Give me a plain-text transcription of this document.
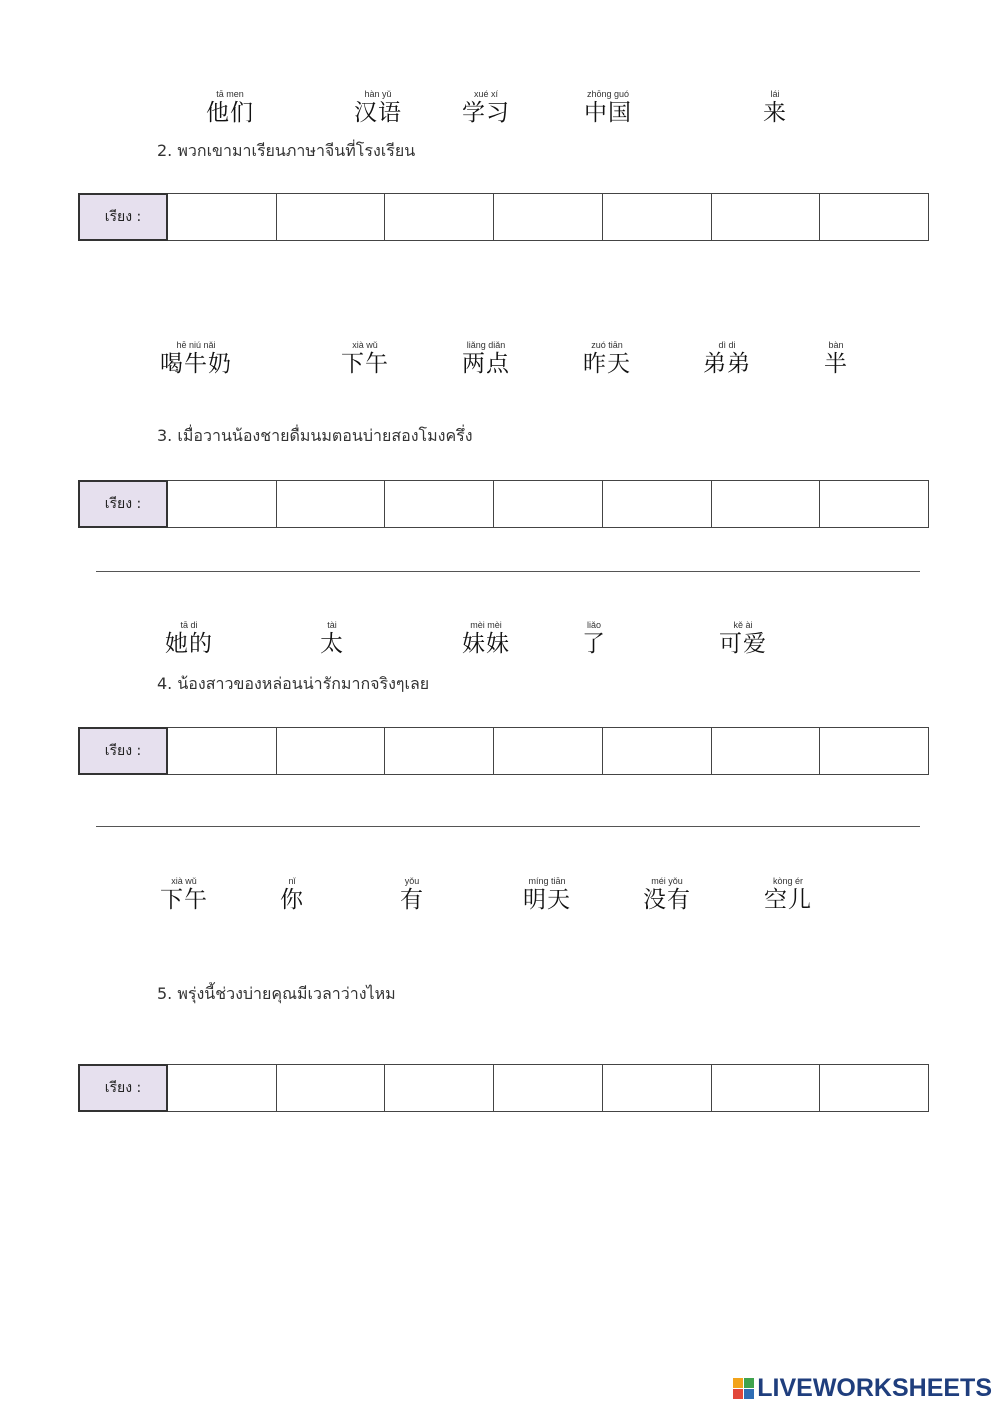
tā men
他们
hàn yǔ
汉语
xué xí
学习
zhōng guó
中国
lái
来
2. พวกเขามาเรียนภาษาจีนที่โรงเรียน
เรียง :
hē niú nǎi
喝牛奶
xià wǔ
下午
liǎng diǎn
两点
zuó tiān
昨天
dì di
弟弟
bàn
半
3. เมื่อวานน้องชายดื่มนมตอนบ่ายสองโมงครึ่ง
เรียง :
tā di
她的
tài
太
mèi mèi
妹妹
liǎo
了
kě ài
可爱
4. น้องสาวของหล่อนน่ารักมากจริงๆเลย
เรียง :
xià wǔ
下午
nǐ
你
yǒu
有
míng tiān
明天
méi yǒu
没有
kòng ér
空儿
5. พรุ่งนี้ช่วงบ่ายคุณมีเวลาว่างไหม
เรียง :
LIVEWORKSHEETS
